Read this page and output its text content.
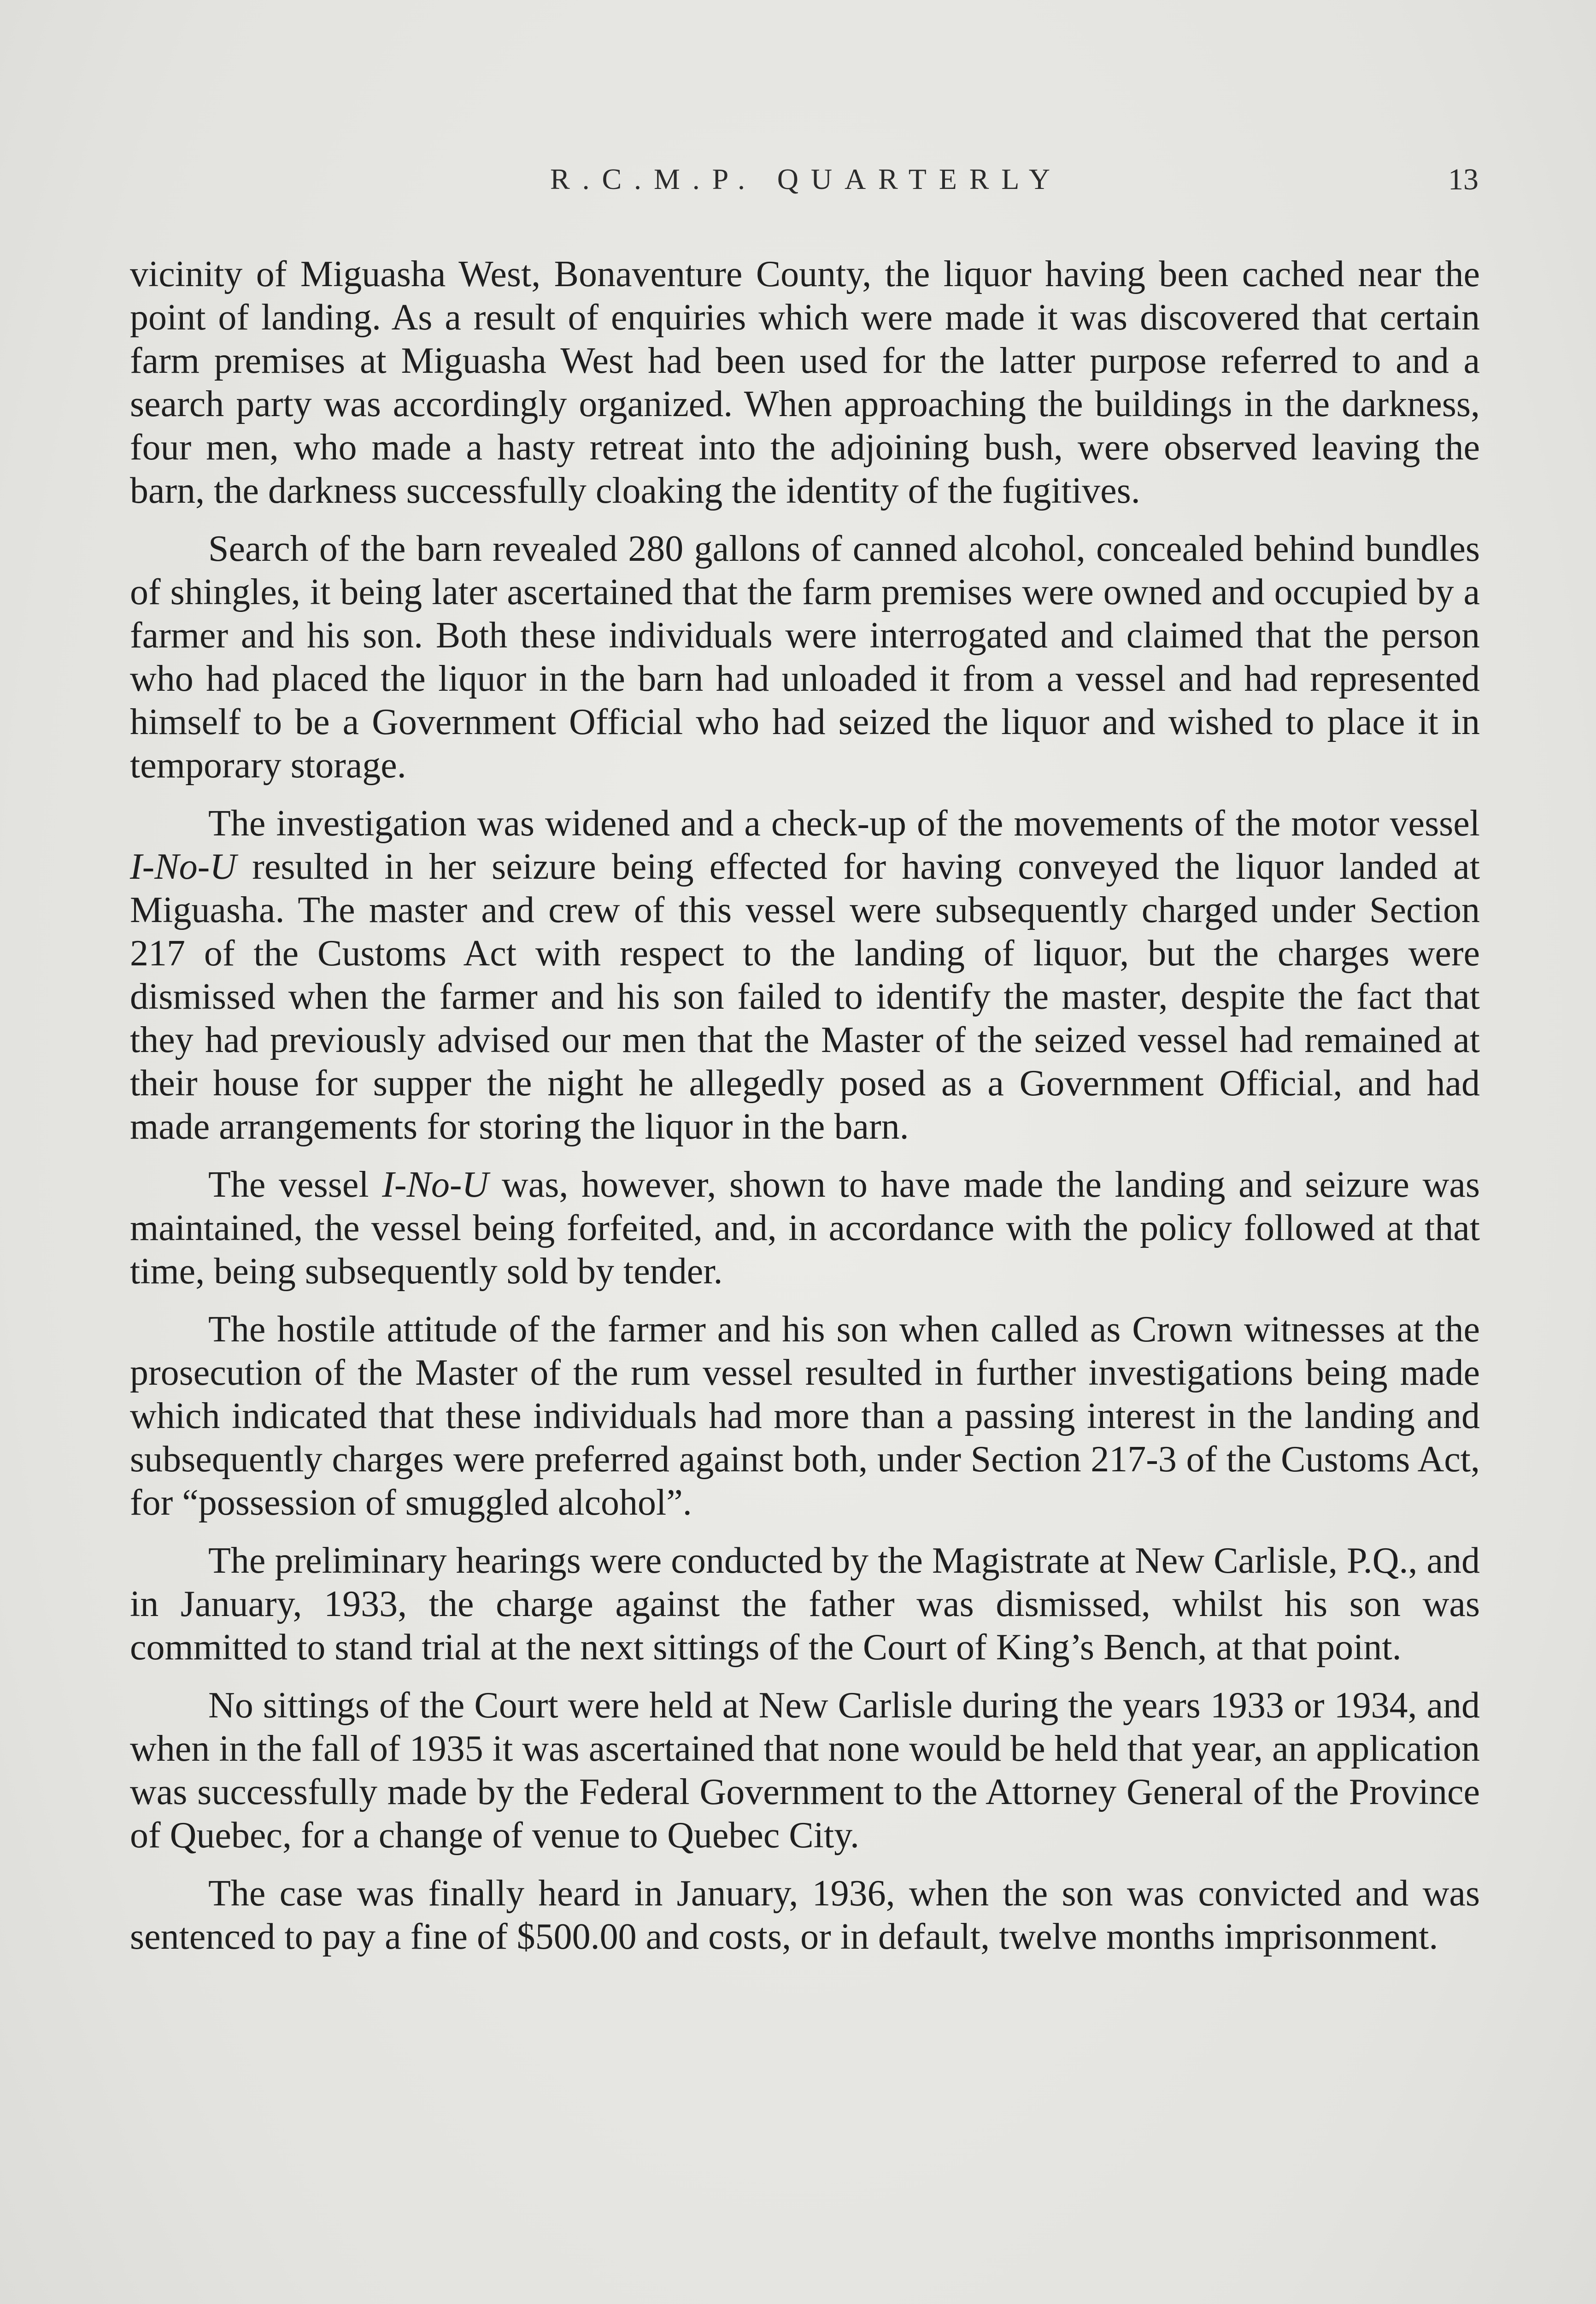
R.C.M.P. QUARTERLY	13

vicinity of Miguasha West, Bonaventure County, the liquor having been cached near the point of landing. As a result of enquiries which were made it was discovered that certain farm premises at Miguasha West had been used for the latter purpose referred to and a search party was accordingly organized. When approaching the buildings in the darkness, four men, who made a hasty retreat into the adjoining bush, were observed leaving the barn, the darkness successfully cloaking the identity of the fugitives.

Search of the barn revealed 280 gallons of canned alcohol, concealed behind bundles of shingles, it being later ascertained that the farm premises were owned and occupied by a farmer and his son. Both these individuals were interrogated and claimed that the person who had placed the liquor in the barn had unloaded it from a vessel and had represented himself to be a Government Official who had seized the liquor and wished to place it in temporary storage.

The investigation was widened and a check-up of the movements of the motor vessel I-No-U resulted in her seizure being effected for having conveyed the liquor landed at Miguasha. The master and crew of this vessel were subsequently charged under Section 217 of the Customs Act with respect to the landing of liquor, but the charges were dismissed when the farmer and his son failed to identify the master, despite the fact that they had previously advised our men that the Master of the seized vessel had remained at their house for supper the night he allegedly posed as a Government Official, and had made arrangements for storing the liquor in the barn.

The vessel I-No-U was, however, shown to have made the landing and seizure was maintained, the vessel being forfeited, and, in accordance with the policy followed at that time, being subsequently sold by tender.

The hostile attitude of the farmer and his son when called as Crown witnesses at the prosecution of the Master of the rum vessel resulted in further investigations being made which indicated that these individuals had more than a passing interest in the landing and subsequently charges were preferred against both, under Section 217-3 of the Customs Act, for “possession of smuggled alcohol”.

The preliminary hearings were conducted by the Magistrate at New Carlisle, P.Q., and in January, 1933, the charge against the father was dismissed, whilst his son was committed to stand trial at the next sittings of the Court of King’s Bench, at that point.

No sittings of the Court were held at New Carlisle during the years 1933 or 1934, and when in the fall of 1935 it was ascertained that none would be held that year, an application was successfully made by the Federal Government to the Attorney General of the Province of Quebec, for a change of venue to Quebec City.

The case was finally heard in January, 1936, when the son was convicted and was sentenced to pay a fine of $500.00 and costs, or in default, twelve months imprisonment.
